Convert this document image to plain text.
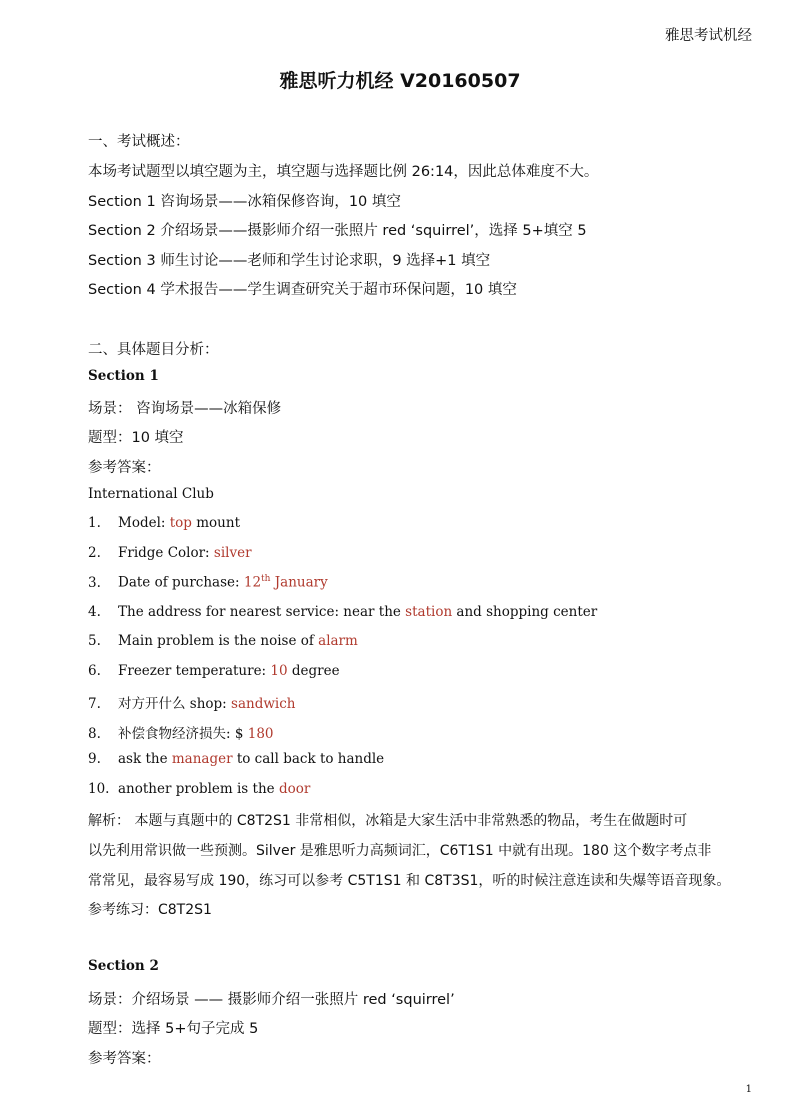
雅思考试机经
雅思听力机经 V20160507
一、考试概述：
本场考试题型以填空题为主，填空题与选择题比例 26:14，因此总体难度不大。
Section 1 咨询场景——冰箱保修咨询，10 填空
Section 2 介绍场景——摄影师介绍一张照片 red ‘squirrel’，选择 5+填空 5
Section 3 师生讨论——老师和学生讨论求职，9 选择+1 填空
Section 4 学术报告——学生调查研究关于超市环保问题，10 填空
二、具体题目分析：
Section 1
场景： 咨询场景——冰箱保修
题型：10 填空
参考答案：
International Club
1. Model: top mount
2. Fridge Color: silver
3. Date of purchase: 12th January
4. The address for nearest service: near the station and shopping center
5. Main problem is the noise of alarm
6. Freezer temperature: 10 degree
7. 对方开什么 shop: sandwich
8. 补偿食物经济损失: $ 180
9. ask the manager to call back to handle
10. another problem is the door
解析： 本题与真题中的 C8T2S1 非常相似，冰箱是大家生活中非常熟悉的物品，考生在做题时可
以先利用常识做一些预测。Silver 是雅思听力高频词汇，C6T1S1 中就有出现。180 这个数字考点非
常常见，最容易写成 190，练习可以参考 C5T1S1 和 C8T3S1，听的时候注意连读和失爆等语音现象。
参考练习：C8T2S1
Section 2
场景：介绍场景 —— 摄影师介绍一张照片 red ‘squirrel’
题型：选择 5+句子完成 5
参考答案：
1
